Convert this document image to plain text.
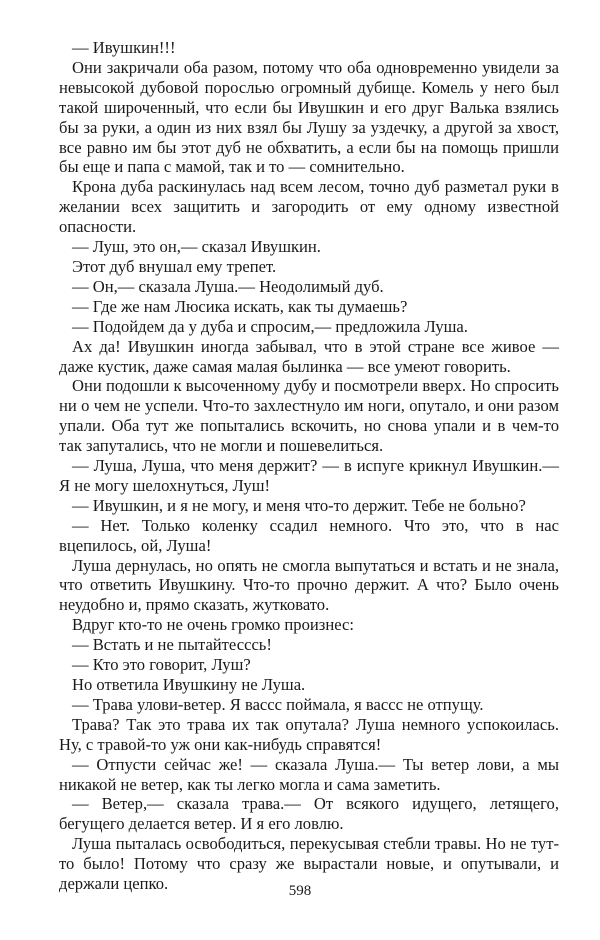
— Ивушкин!!!

Они закричали оба разом, потому что оба одновременно увидели за невысокой дубовой порослью огромный дубище. Комель у него был такой широченный, что если бы Ивушкин и его друг Валька взялись бы за руки, а один из них взял бы Лушу за уздечку, а другой за хвост, все равно им бы этот дуб не обхватить, а если бы на помощь пришли бы еще и папа с мамой, так и то — сомнительно.

Крона дуба раскинулась над всем лесом, точно дуб разметал руки в желании всех защитить и загородить от ему одному известной опасности.

— Луш, это он,— сказал Ивушкин.

Этот дуб внушал ему трепет.

— Он,— сказала Луша.— Неодолимый дуб.

— Где же нам Люсика искать, как ты думаешь?

— Подойдем да у дуба и спросим,— предложила Луша.

Ах да! Ивушкин иногда забывал, что в этой стране все живое — даже кустик, даже самая малая былинка — все умеют говорить.

Они подошли к высоченному дубу и посмотрели вверх. Но спросить ни о чем не успели. Что-то захлестнуло им ноги, опутало, и они разом упали. Оба тут же попытались вскочить, но снова упали и в чем-то так запутались, что не могли и пошевелиться.

— Луша, Луша, что меня держит? — в испуге крикнул Ивушкин.— Я не могу шелохнуться, Луш!

— Ивушкин, и я не могу, и меня что-то держит. Тебе не больно?

— Нет. Только коленку ссадил немного. Что это, что в нас вцепилось, ой, Луша!

Луша дернулась, но опять не смогла выпутаться и встать и не знала, что ответить Ивушкину. Что-то прочно держит. А что? Было очень неудобно и, прямо сказать, жутковато.

Вдруг кто-то не очень громко произнес:

— Встать и не пытайтесссь!

— Кто это говорит, Луш?

Но ответила Ивушкину не Луша.

— Трава улови-ветер. Я вассс поймала, я вассс не отпущу.

Трава? Так это трава их так опутала? Луша немного успокоилась. Ну, с травой-то уж они как-нибудь справятся!

— Отпусти сейчас же! — сказала Луша.— Ты ветер лови, а мы никакой не ветер, как ты легко могла и сама заметить.

— Ветер,— сказала трава.— От всякого идущего, летящего, бегущего делается ветер. И я его ловлю.

Луша пыталась освободиться, перекусывая стебли травы. Но не тут-то было! Потому что сразу же вырастали новые, и опутывали, и держали цепко.	598
